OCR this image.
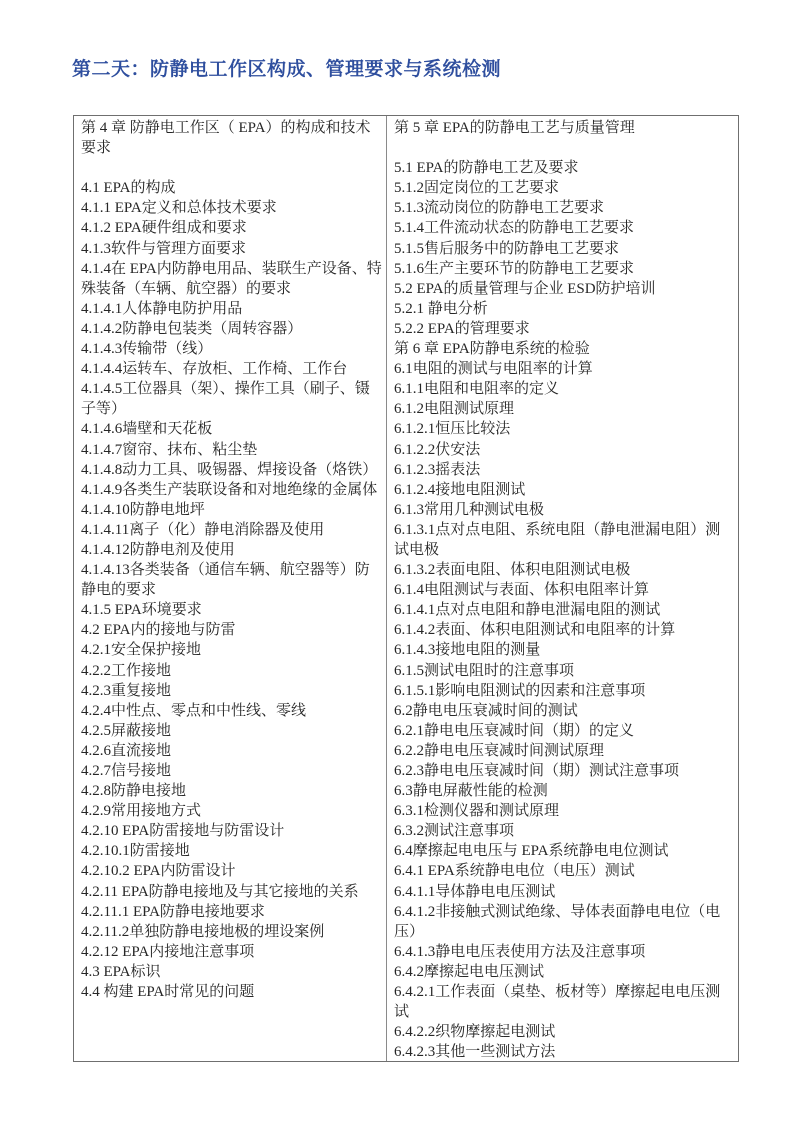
第二天：防静电工作区构成、管理要求与系统检测
第 4 章 防静电工作区（ EPA）的构成和技术要求
4.1 EPA的构成
4.1.1 EPA定义和总体技术要求
4.1.2 EPA硬件组成和要求
4.1.3软件与管理方面要求
4.1.4在 EPA内防静电用品、装联生产设备、特殊装备（车辆、航空器）的要求
4.1.4.1人体静电防护用品
4.1.4.2防静电包装类（周转容器）
4.1.4.3传输带（线）
4.1.4.4运转车、存放柜、工作椅、工作台
4.1.4.5工位器具（架）、操作工具（刷子、镊子等）
4.1.4.6墙壁和天花板
4.1.4.7窗帘、抹布、粘尘垫
4.1.4.8动力工具、吸锡器、焊接设备（烙铁）
4.1.4.9各类生产装联设备和对地绝缘的金属体
4.1.4.10防静电地坪
4.1.4.11离子（化）静电消除器及使用
4.1.4.12防静电剂及使用
4.1.4.13各类装备（通信车辆、航空器等）防静电的要求
4.1.5 EPA环境要求
4.2 EPA内的接地与防雷
4.2.1安全保护接地
4.2.2工作接地
4.2.3重复接地
4.2.4中性点、零点和中性线、零线
4.2.5屏蔽接地
4.2.6直流接地
4.2.7信号接地
4.2.8防静电接地
4.2.9常用接地方式
4.2.10 EPA防雷接地与防雷设计
4.2.10.1防雷接地
4.2.10.2 EPA内防雷设计
4.2.11 EPA防静电接地及与其它接地的关系
4.2.11.1 EPA防静电接地要求
4.2.11.2单独防静电接地极的埋设案例
4.2.12 EPA内接地注意事项
4.3 EPA标识
4.4 构建 EPA时常见的问题
第 5 章 EPA的防静电工艺与质量管理
5.1 EPA的防静电工艺及要求
5.1.2固定岗位的工艺要求
5.1.3流动岗位的防静电工艺要求
5.1.4工件流动状态的防静电工艺要求
5.1.5售后服务中的防静电工艺要求
5.1.6生产主要环节的防静电工艺要求
5.2 EPA的质量管理与企业 ESD防护培训
5.2.1 静电分析
5.2.2 EPA的管理要求
第 6 章 EPA防静电系统的检验
6.1电阻的测试与电阻率的计算
6.1.1电阻和电阻率的定义
6.1.2电阻测试原理
6.1.2.1恒压比较法
6.1.2.2伏安法
6.1.2.3摇表法
6.1.2.4接地电阻测试
6.1.3常用几种测试电极
6.1.3.1点对点电阻、系统电阻（静电泄漏电阻）测试电极
6.1.3.2表面电阻、体积电阻测试电极
6.1.4电阻测试与表面、体积电阻率计算
6.1.4.1点对点电阻和静电泄漏电阻的测试
6.1.4.2表面、体积电阻测试和电阻率的计算
6.1.4.3接地电阻的测量
6.1.5测试电阻时的注意事项
6.1.5.1影响电阻测试的因素和注意事项
6.2静电电压衰减时间的测试
6.2.1静电电压衰减时间（期）的定义
6.2.2静电电压衰减时间测试原理
6.2.3静电电压衰减时间（期）测试注意事项
6.3静电屏蔽性能的检测
6.3.1检测仪器和测试原理
6.3.2测试注意事项
6.4摩擦起电电压与 EPA系统静电电位测试
6.4.1 EPA系统静电电位（电压）测试
6.4.1.1导体静电电压测试
6.4.1.2非接触式测试绝缘、导体表面静电电位（电压）
6.4.1.3静电电压表使用方法及注意事项
6.4.2摩擦起电电压测试
6.4.2.1工作表面（桌垫、板材等）摩擦起电电压测试
6.4.2.2织物摩擦起电测试
6.4.2.3其他一些测试方法
